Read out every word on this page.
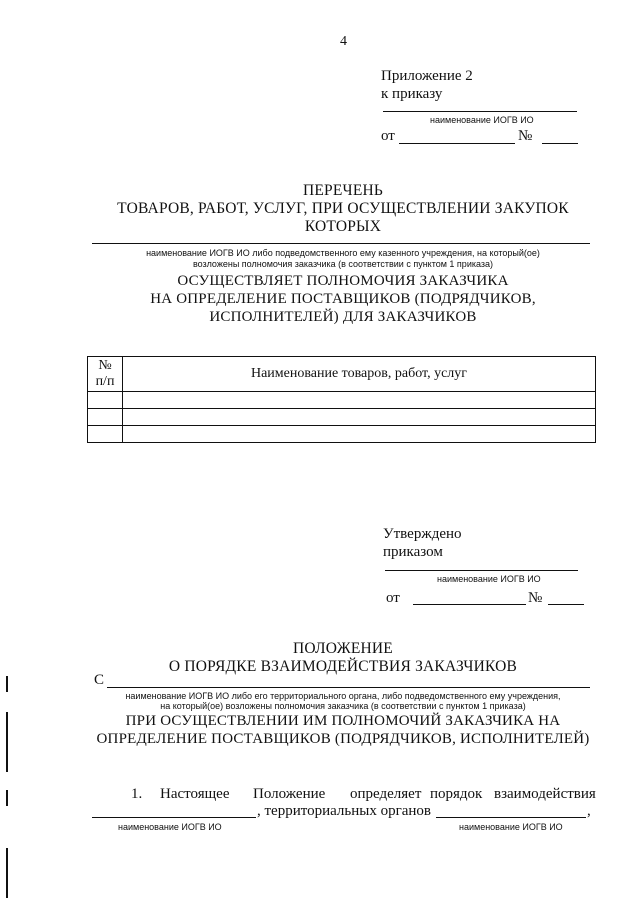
4
Приложение 2
к приказу
наименование ИОГВ ИО
от	№
ПЕРЕЧЕНЬ
ТОВАРОВ, РАБОТ, УСЛУГ, ПРИ ОСУЩЕСТВЛЕНИИ ЗАКУПОК
КОТОРЫХ
наименование ИОГВ ИО либо подведомственного ему казенного учреждения, на который(ое)
возложены полномочия заказчика (в соответствии с пунктом 1 приказа)
ОСУЩЕСТВЛЯЕТ ПОЛНОМОЧИЯ ЗАКАЗЧИКА
НА ОПРЕДЕЛЕНИЕ ПОСТАВЩИКОВ (ПОДРЯДЧИКОВ,
ИСПОЛНИТЕЛЕЙ) ДЛЯ ЗАКАЗЧИКОВ
№
п/п	Наименование товаров, работ, услуг

Утверждено
приказом
наименование ИОГВ ИО
от	№
ПОЛОЖЕНИЕ
О ПОРЯДКЕ ВЗАИМОДЕЙСТВИЯ ЗАКАЗЧИКОВ
С
наименование ИОГВ ИО либо его территориального органа, либо подведомственного ему учреждения,
на который(ое) возложены полномочия заказчика (в соответствии с пунктом 1 приказа)
ПРИ ОСУЩЕСТВЛЕНИИ ИМ ПОЛНОМОЧИЙ ЗАКАЗЧИКА НА
ОПРЕДЕЛЕНИЕ ПОСТАВЩИКОВ (ПОДРЯДЧИКОВ, ИСПОЛНИТЕЛЕЙ)
1. Настоящее Положение определяет порядок взаимодействия
, территориальных органов	,
наименование ИОГВ ИО	наименование ИОГВ ИО
